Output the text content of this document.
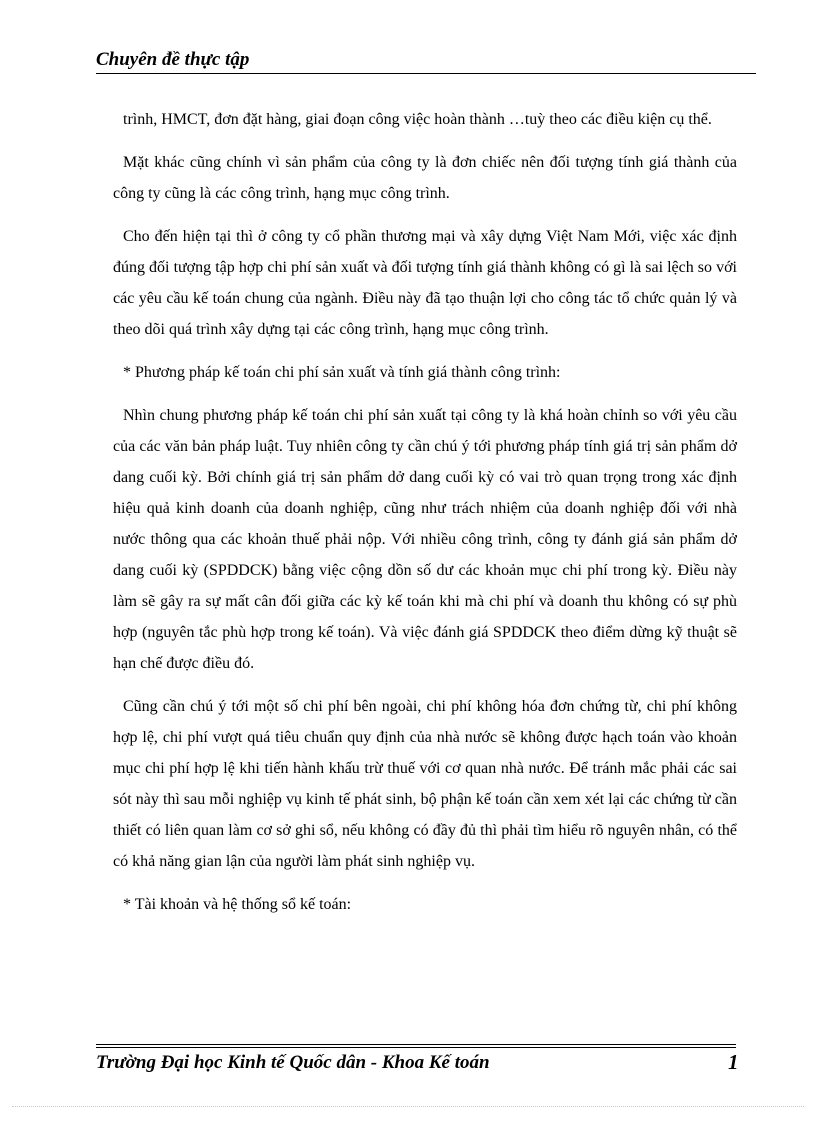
Chuyên đề thực tập

trình, HMCT, đơn đặt hàng, giai đoạn công việc hoàn thành …tuỳ theo các điều kiện cụ thể.

Mặt khác cũng chính vì sản phẩm của công ty là đơn chiếc nên đối tượng tính giá thành của công ty cũng là các công trình, hạng mục công trình.

Cho đến hiện tại thì ở công ty cổ phần thương mại và xây dựng Việt Nam Mới, việc xác định đúng đối tượng tập hợp chi phí sản xuất và đối tượng tính giá thành không có gì là sai lệch so với các yêu cầu kế toán chung của ngành. Điều này đã tạo thuận lợi cho công tác tổ chức quản lý và theo dõi quá trình xây dựng tại các công trình, hạng mục công trình.

* Phương pháp kế toán chi phí sản xuất và tính giá thành công trình:

Nhìn chung phương pháp kế toán chi phí sản xuất tại công ty là khá hoàn chỉnh so với yêu cầu của các văn bản pháp luật. Tuy nhiên công ty cần chú ý tới phương pháp tính giá trị sản phẩm dở dang cuối kỳ. Bởi chính giá trị sản phẩm dở dang cuối kỳ có vai trò quan trọng trong xác định hiệu quả kinh doanh của doanh nghiệp, cũng như trách nhiệm của doanh nghiệp đối với nhà nước thông qua các khoản thuế phải nộp. Với nhiều công trình, công ty đánh giá sản phẩm dở dang cuối kỳ (SPDDCK) bằng việc cộng dồn số dư các khoản mục chi phí trong kỳ. Điều này làm sẽ gây ra sự mất cân đối giữa các kỳ kế toán khi mà chi phí và doanh thu không có sự phù hợp (nguyên tắc phù hợp trong kế toán). Và việc đánh giá SPDDCK theo điểm dừng kỹ thuật sẽ hạn chế được điều đó.

Cũng cần chú ý tới một số chi phí bên ngoài, chi phí không hóa đơn chứng từ, chi phí không hợp lệ, chi phí vượt quá tiêu chuẩn quy định của nhà nước sẽ không được hạch toán vào khoản mục chi phí hợp lệ khi tiến hành khấu trừ thuế với cơ quan nhà nước. Để tránh mắc phải các sai sót này thì sau mỗi nghiệp vụ kinh tế phát sinh, bộ phận kế toán cần xem xét lại các chứng từ cần thiết có liên quan làm cơ sở ghi sổ, nếu không có đầy đủ thì phải tìm hiểu rõ nguyên nhân, có thể có khả năng gian lận của người làm phát sinh nghiệp vụ.

* Tài khoản và hệ thống sổ kế toán:

Trường Đại học Kinh tế Quốc dân - Khoa Kế toán	1
